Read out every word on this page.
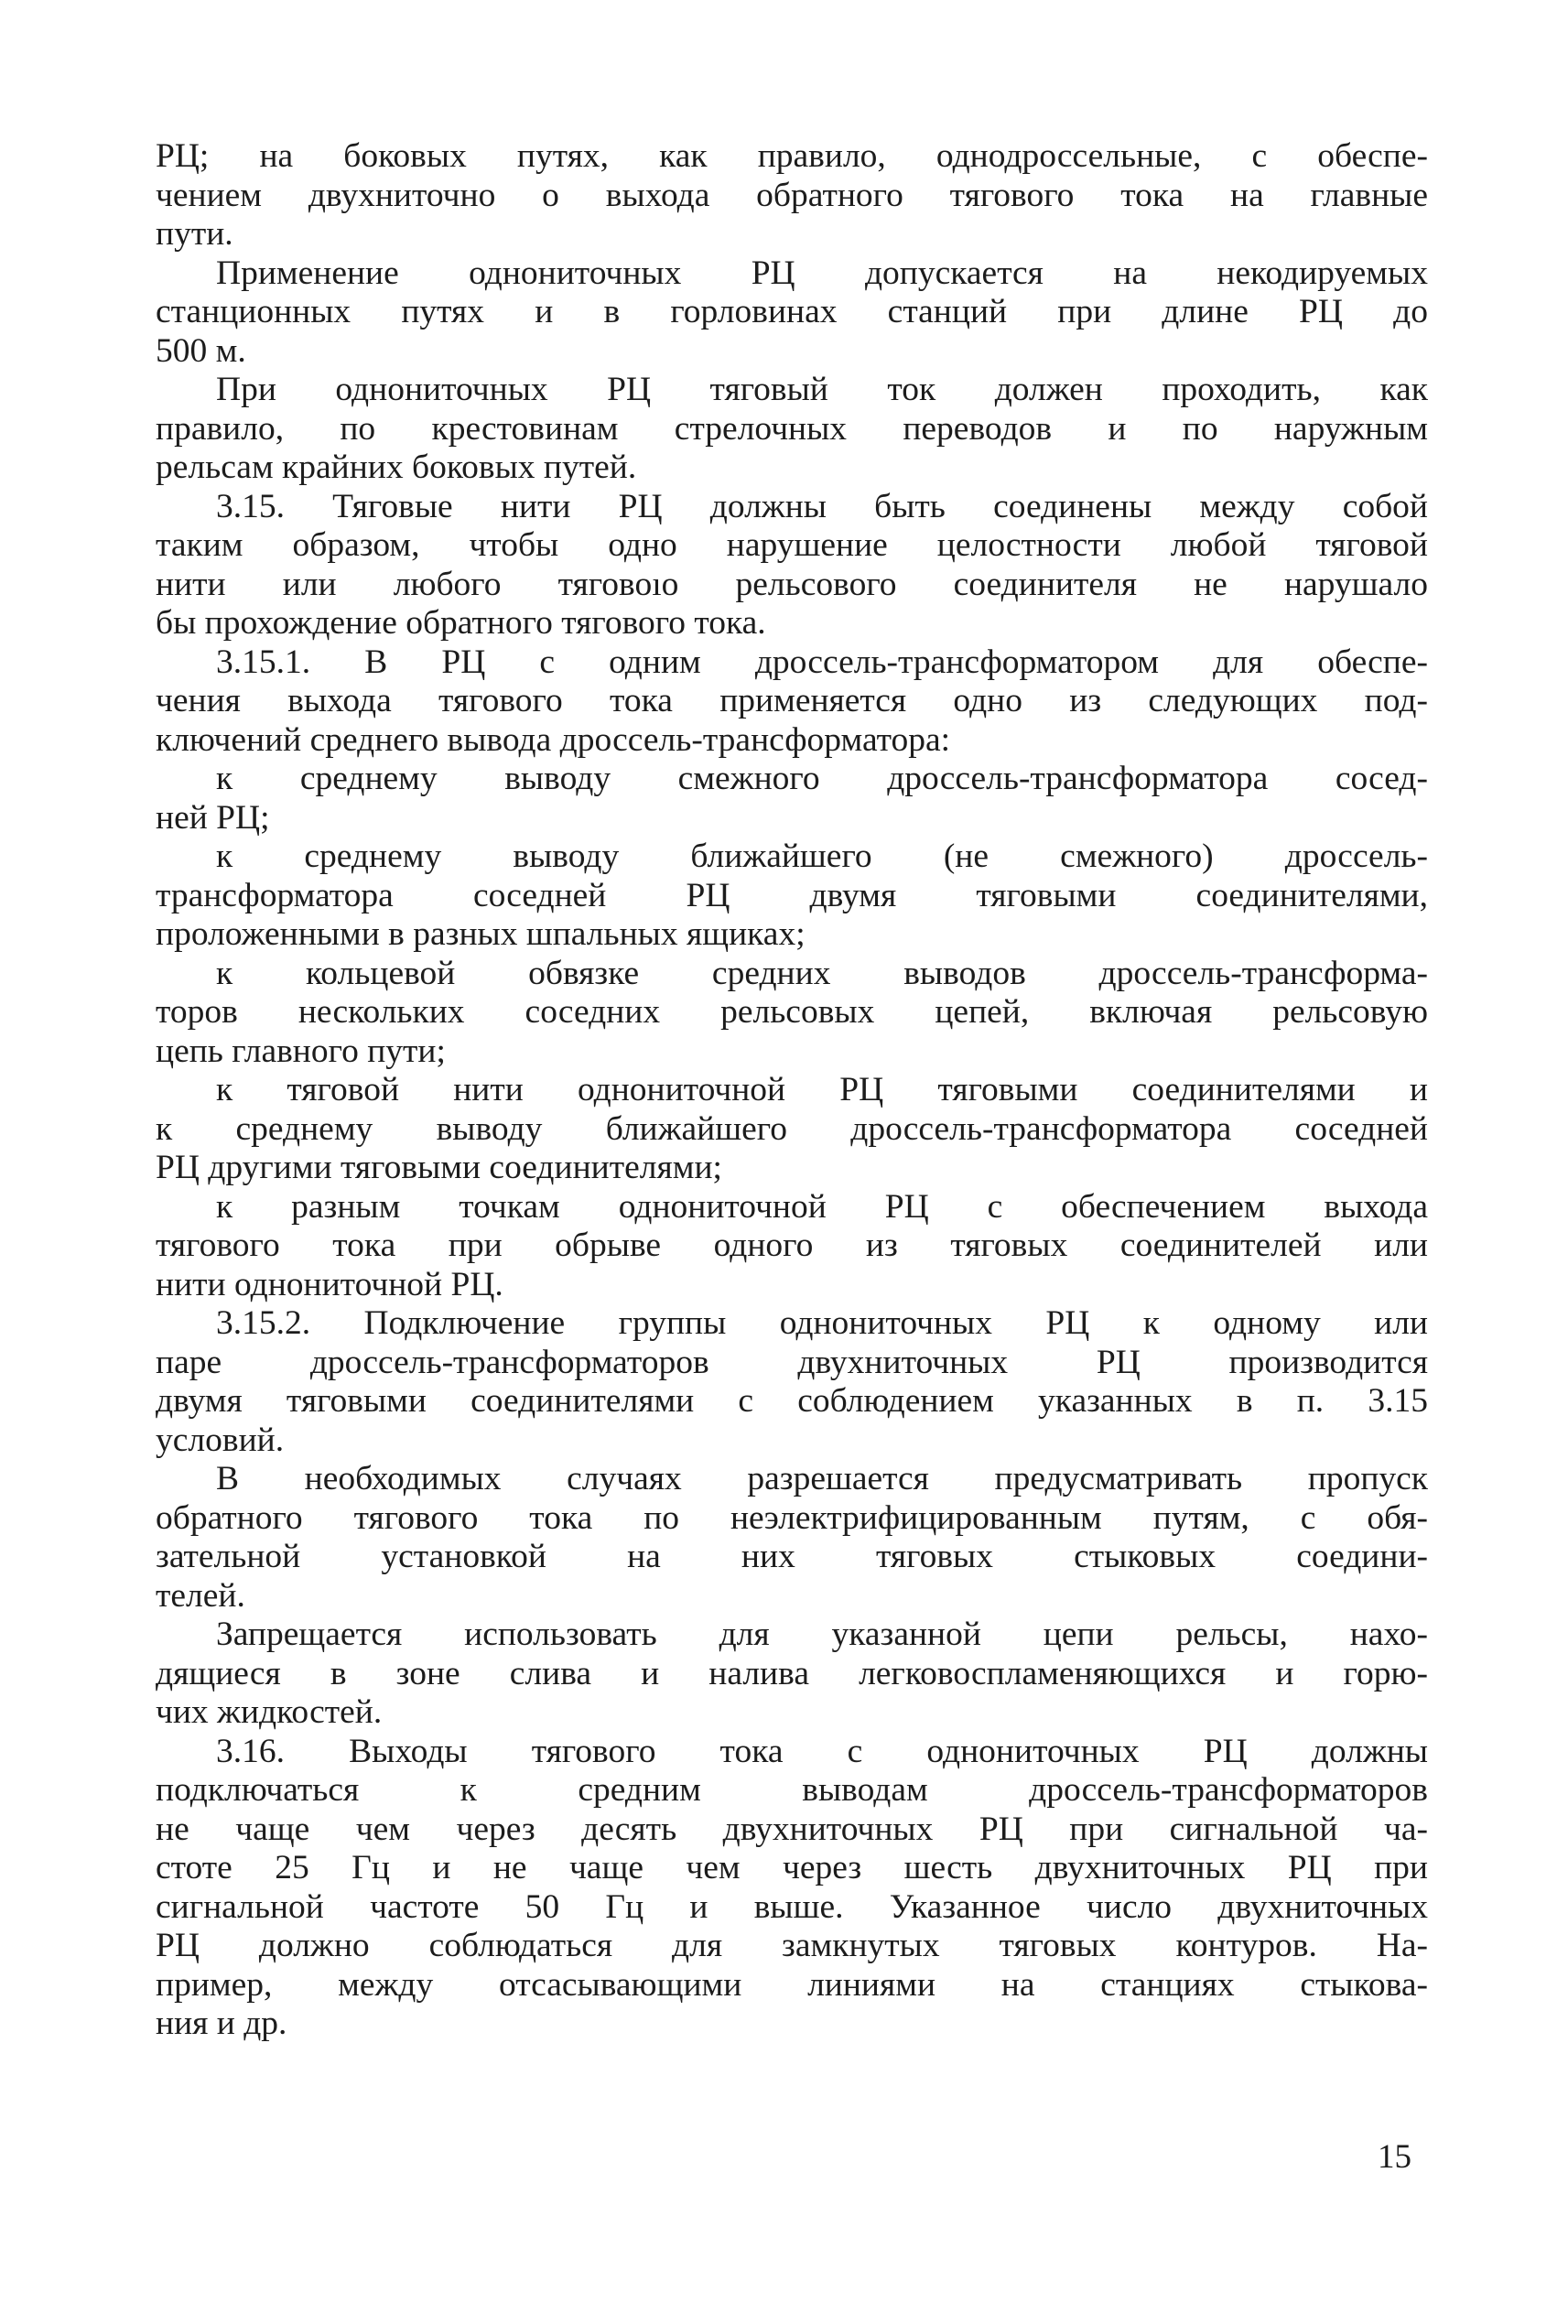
РЦ; на боковых путях, как правило, однодроссельные, с обеспе-
чением двухниточно о выхода обратного тягового тока на главные
пути.
Применение однониточных РЦ допускается на некодируемых
станционных путях и в горловинах станций при длине РЦ до
500 м.
При однониточных РЦ тяговый ток должен проходить, как
правило, по крестовинам стрелочных переводов и по наружным
рельсам крайних боковых путей.
3.15. Тяговые нити РЦ должны быть соединены между собой
таким образом, чтобы одно нарушение целостности любой тяговой
нити или любого тяговоıо рельсового соединителя не нарушало
бы прохождение обратного тягового тока.
3.15.1. В РЦ с одним дроссель-трансформатором для обеспе-
чения выхода тягового тока применяется одно из следующих под-
ключений среднего вывода дроссель-трансформатора:
к среднему выводу смежного дроссель-трансформатора сосед-
ней РЦ;
к среднему выводу ближайшего (не смежного) дроссель-
трансформатора соседней РЦ двумя тяговыми соединителями,
проложенными в разных шпальных ящиках;
к кольцевой обвязке средних выводов дроссель-трансформа-
торов нескольких соседних рельсовых цепей, включая рельсовую
цепь главного пути;
к тяговой нити однониточной РЦ тяговыми соединителями и
к среднему выводу ближайшего дроссель-трансформатора соседней
РЦ другими тяговыми соединителями;
к разным точкам однониточной РЦ с обеспечением выхода
тягового тока при обрыве одного из тяговых соединителей или
нити однониточной РЦ.
3.15.2. Подключение группы однониточных РЦ к одному или
паре дроссель-трансформаторов двухниточных РЦ производится
двумя тяговыми соединителями с соблюдением указанных в п. 3.15
условий.
В необходимых случаях разрешается предусматривать пропуск
обратного тягового тока по неэлектрифицированным путям, с обя-
зательной установкой на них тяговых стыковых соедини-
телей.
Запрещается использовать для указанной цепи рельсы, нахо-
дящиеся в зоне слива и налива легковоспламеняющихся и горю-
чих жидкостей.
3.16. Выходы тягового тока с однониточных РЦ должны
подключаться к средним выводам дроссель-трансформаторов
не чаще чем через десять двухниточных РЦ при сигнальной ча-
стоте 25 Гц и не чаще чем через шесть двухниточных РЦ при
сигнальной частоте 50 Гц и выше. Указанное число двухниточных
РЦ должно соблюдаться для замкнутых тяговых контуров. На-
пример, между отсасывающими линиями на станциях стыкова-
ния и др.
15
